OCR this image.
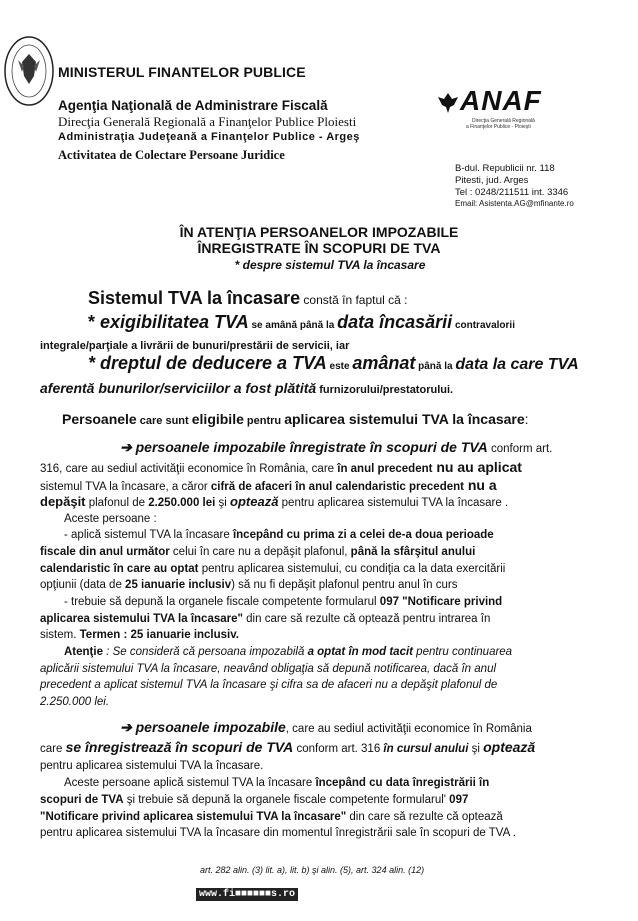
MINISTERUL FINANTELOR PUBLICE
Agenţia Naţională de Administrare Fiscală
Direcţia Generală Regională a Finanţelor Publice Ploiesti
Administraţia Judeţeană a Finanţelor Publice - Argeş
Activitatea de Colectare Persoane Juridice
ANAF
Direcţia Generală Regională
a Finanţelor Publice - Ploieşti
B-dul. Republicii nr. 118
Pitesti, jud. Arges
Tel : 0248/211511 int. 3346
Email: Asistenta.AG@mfinante.ro
ÎN ATENŢIA PERSOANELOR IMPOZABILE
ÎNREGISTRATE ÎN SCOPURI DE TVA
* despre sistemul TVA la încasare
Sistemul TVA la încasare constă în faptul că :
* exigibilitatea TVA se amână până la data încasării contravalorii
integrale/parţiale a livrării de bunuri/prestării de servicii, iar
* dreptul de deducere a TVA este amânat până la data la care TVA
aferentă bunurilor/serviciilor a fost plătită furnizorului/prestatorului.
Persoanele care sunt eligibile pentru aplicarea sistemului TVA la încasare:
➔ persoanele impozabile înregistrate în scopuri de TVA conform art.
316, care au sediul activităţii economice în România, care în anul precedent nu au aplicat
sistemul TVA la încasare, a căror cifră de afaceri în anul calendaristic precedent nu a
depăşit plafonul de 2.250.000 lei şi optează pentru aplicarea sistemului TVA la încasare .
Aceste persoane :
- aplică sistemul TVA la încasare începând cu prima zi a celei de-a doua perioade
fiscale din anul următor celui în care nu a depăşit plafonul, până la sfârşitul anului
calendaristic în care au optat pentru aplicarea sistemului, cu condiţia ca la data exercitării
opţiunii (data de 25 ianuarie inclusiv) să nu fi depăşit plafonul pentru anul în curs
- trebuie să depună la organele fiscale competente formularul 097 "Notificare privind
aplicarea sistemului TVA la încasare" din care să rezulte că optează pentru intrarea în
sistem. Termen : 25 ianuarie inclusiv.
Atenţie : Se consideră că persoana impozabilă a optat în mod tacit pentru continuarea
aplicării sistemului TVA la încasare, neavând obligaţia să depună notificarea, dacă în anul
precedent a aplicat sistemul TVA la încasare şi cifra sa de afaceri nu a depăşit plafonul de
2.250.000 lei.
➔ persoanele impozabile, care au sediul activităţii economice în România
care se înregistrează în scopuri de TVA conform art. 316 în cursul anului şi optează
pentru aplicarea sistemului TVA la încasare.
Aceste persoane aplică sistemul TVA la încasare începând cu data înregistrării în
scopuri de TVA şi trebuie să depună la organele fiscale competente formularul' 097
"Notificare privind aplicarea sistemului TVA la încasare" din care să rezulte că optează
pentru aplicarea sistemului TVA la încasare din momentul înregistrării sale în scopuri de TVA .
art. 282 alin. (3) lit. a), lit. b) şi alin. (5), art. 324 alin. (12)
www.fi■■■■■■s.ro
